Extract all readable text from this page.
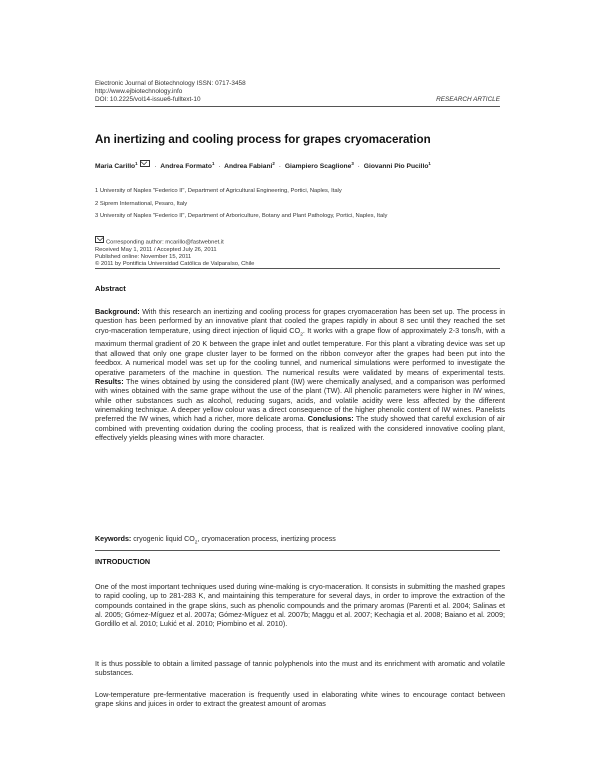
Electronic Journal of Biotechnology ISSN: 0717-3458
http://www.ejbiotechnology.info
DOI: 10.2225/vol14-issue6-fulltext-10	RESEARCH ARTICLE
An inertizing and cooling process for grapes cryomaceration
Maria Carillo$^1$	· Andrea Formato$^1$ · Andrea Fabiani$^2$ · Giampiero Scaglione$^3$ · Giovanni Pio Pucillo$^1$
1 University of Naples "Federico II", Department of Agricultural Engineering, Portici, Naples, Italy
2 Siprem International, Pesaro, Italy
3 University of Naples "Federico II", Department of Arboriculture, Botany and Plant Pathology, Portici, Naples, Italy
Corresponding author: mcarillo@fastwebnet.it
Received May 1, 2011 / Accepted July 26, 2011
Published online: November 15, 2011
© 2011 by Pontificia Universidad Católica de Valparaíso, Chile
Abstract
Background: With this research an inertizing and cooling process for grapes cryomaceration has been set up. The process in question has been performed by an innovative plant that cooled the grapes rapidly in about 8 sec until they reached the set cryo-maceration temperature, using direct injection of liquid $CO_2$. It works with a grape flow of approximately 2-3 tons/h, with a maximum thermal gradient of 20 K between the grape inlet and outlet temperature. For this plant a vibrating device was set up that allowed that only one grape cluster layer to be formed on the ribbon conveyor after the grapes had been put into the feedbox. A numerical model was set up for the cooling tunnel, and numerical simulations were performed to investigate the operative parameters of the machine in question. The numerical results were validated by means of experimental tests. Results: The wines obtained by using the considered plant (IW) were chemically analysed, and a comparison was performed with wines obtained with the same grape without the use of the plant (TW). All phenolic parameters were higher in IW wines, while other substances such as alcohol, reducing sugars, acids, and volatile acidity were less affected by the different winemaking technique. A deeper yellow colour was a direct consequence of the higher phenolic content of IW wines. Panelists preferred the IW wines, which had a richer, more delicate aroma. Conclusions: The study showed that careful exclusion of air combined with preventing oxidation during the cooling process, that is realized with the considered innovative cooling plant, effectively yields pleasing wines with more character.
Keywords: cryogenic liquid $CO_2$, cryomaceration process, inertizing process
INTRODUCTION
One of the most important techniques used during wine-making is cryo-maceration. It consists in submitting the mashed grapes to rapid cooling, up to 281-283 K, and maintaining this temperature for several days, in order to improve the extraction of the compounds contained in the grape skins, such as phenolic compounds and the primary aromas (Parenti et al. 2004; Salinas et al. 2005; Gómez-Míguez et al. 2007a; Gómez-Míguez et al. 2007b; Maggu et al. 2007; Kechagia et al. 2008; Baiano et al. 2009; Gordillo et al. 2010; Lukić et al. 2010; Piombino et al. 2010).
It is thus possible to obtain a limited passage of tannic polyphenols into the must and its enrichment with aromatic and volatile substances.
Low-temperature pre-fermentative maceration is frequently used in elaborating white wines to encourage contact between grape skins and juices in order to extract the greatest amount of aromas
